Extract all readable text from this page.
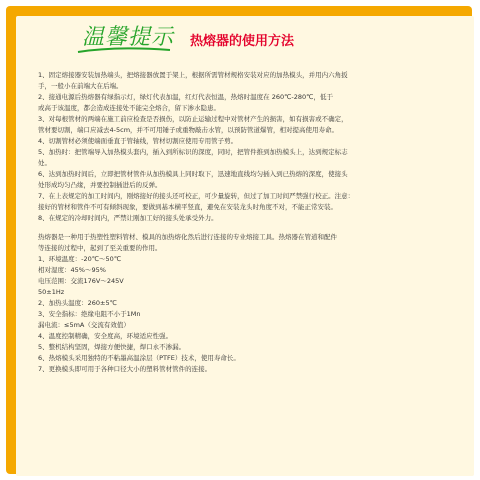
温馨提示 热熔器的使用方法
1、固定熔接器安装加热端头，把熔接器放置于架上，根据所需管材规格安装对应的加热模头，并用内六角扳
手，一般小在前端大在后端。
2、接通电源后热熔器有绿指示灯，绿灯代表加温，红灯代表恒温，热熔时温度在 260℃-280℃，低于
或高于该温度，都会造成连接处不能完全熔合，留下渗水隐患。
3、对每根管材的两端在施工前应检查是否损伤，以防止运输过程中对管材产生的损害，如有损害或不确定，
管材要切割，端口应减去4-5cm，并不可用锤子或重物敲击水管，以预防管道爆管，相对提高使用寿命。
4、切割管材必须使端面垂直于管轴线，管材切割应使用专用管子剪。
5、加热时：把管端导入加热模头套内，插入到所标识的深度，同时，把管件推到加热模头上，达到规定标志
处。
6、达到加热时间后，立即把管材管件从加热模具上同时取下，迅速地直线均匀插入到已热熔的深度，使接头
处形成均匀凸缘，并要控制插进后的反弹。
7、在上表规定的加工时间内，刚熔接好的接头还可校正，可少量旋转，但过了加工时间严禁强行校正。注意：
接好的管材和管件不可有倾斜现象，要做到基本横平竖直，避免在安装龙头时角度不对，不能正常安装。
8、在规定的冷却时间内，严禁让刚加工好的接头处承受外力。
热熔器是一种用于热塑性塑料管材、模具的加热熔化然后进行连接的专业熔接工具。热熔器在管道和配件
等连接的过程中，起到了至关重要的作用。
1、环境温度：-20℃～50℃
相对湿度：45%～95%
电压范围：交流176V～245V
50±1Hz
2、加热头温度：260±5℃
3、安全指标：绝缘电阻不小于1Mn
漏电流：≤5mA（交流有效值）
4、温度控制精确，安全度高，环境适应性强。
5、整机结构坚固，焊接方便快捷，焊口永不渗漏。
6、热熔模头采用独特的不粘墨高温涂层（PTFE）技术，使用寿命长。
7、更换模头即可用于各种口径大小的塑料管材管件的连接。
